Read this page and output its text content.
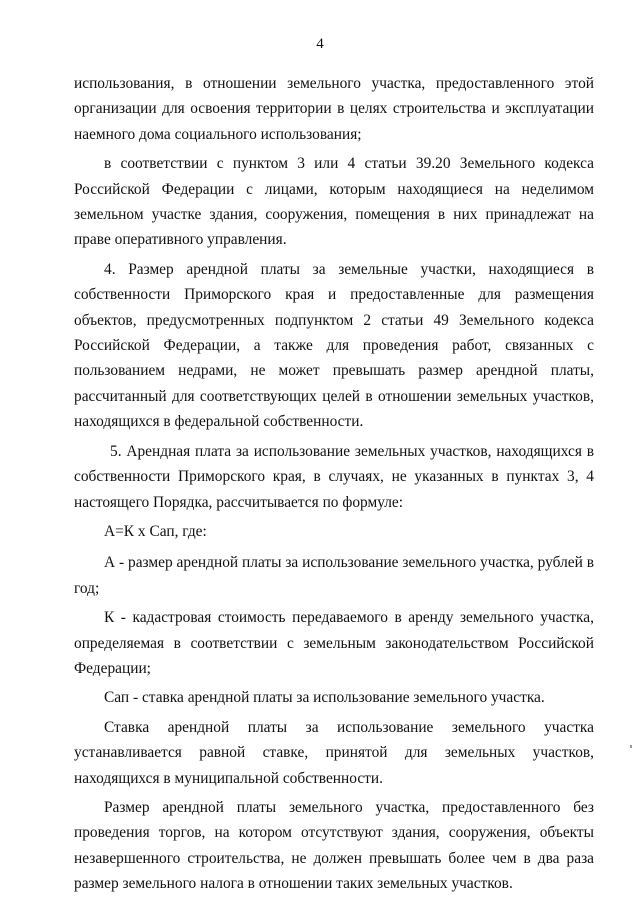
4

использования, в отношении земельного участка, предоставленного этой организации для освоения территории в целях строительства и эксплуатации наемного дома социального использования;

в соответствии с пунктом 3 или 4 статьи 39.20 Земельного кодекса Российской Федерации с лицами, которым находящиеся на неделимом земельном участке здания, сооружения, помещения в них принадлежат на праве оперативного управления.

4. Размер арендной платы за земельные участки, находящиеся в собственности Приморского края и предоставленные для размещения объектов, предусмотренных подпунктом 2 статьи 49 Земельного кодекса Российской Федерации, а также для проведения работ, связанных с пользованием недрами, не может превышать размер арендной платы, рассчитанный для соответствующих целей в отношении земельных участков, находящихся в федеральной собственности.

5. Арендная плата за использование земельных участков, находящихся в собственности Приморского края, в случаях, не указанных в пунктах 3, 4 настоящего Порядка, рассчитывается по формуле:

А=К х Сап, где:

А - размер арендной платы за использование земельного участка, рублей в год;

К - кадастровая стоимость передаваемого в аренду земельного участка, определяемая в соответствии с земельным законодательством Российской Федерации;

Сап - ставка арендной платы за использование земельного участка.

Ставка арендной платы за использование земельного участка устанавливается равной ставке, принятой для земельных участков, находящихся в муниципальной собственности.

Размер арендной платы земельного участка, предоставленного без проведения торгов, на котором отсутствуют здания, сооружения, объекты незавершенного строительства, не должен превышать более чем в два раза размер земельного налога в отношении таких земельных участков.
